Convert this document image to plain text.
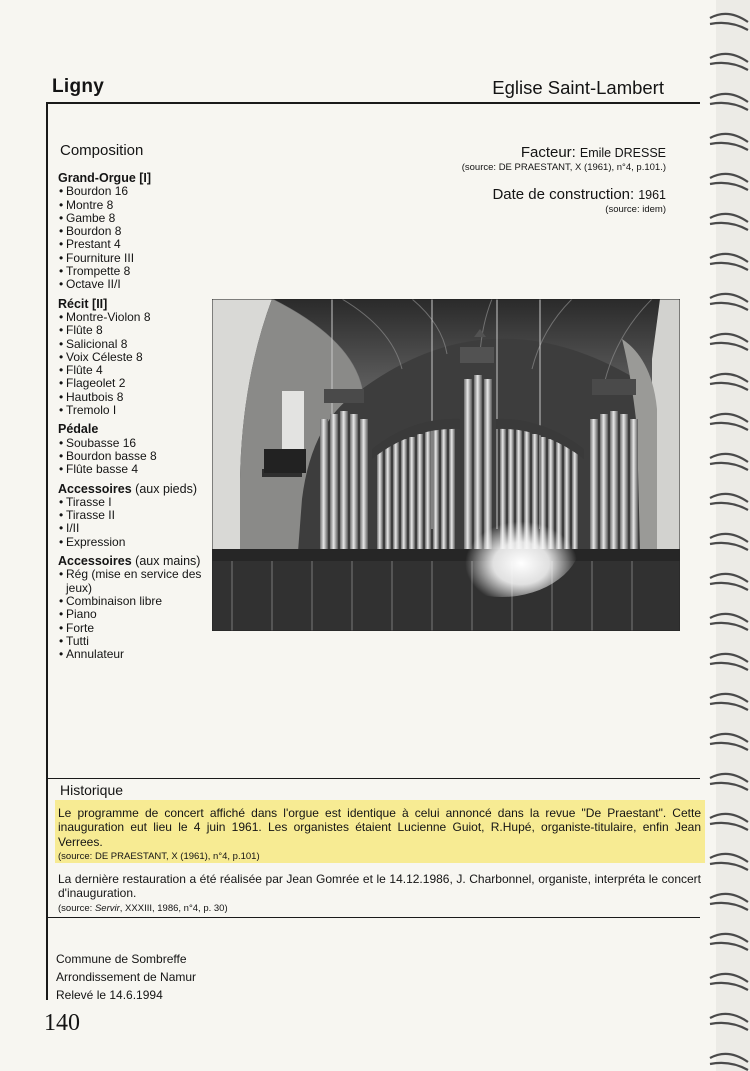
Ligny	Eglise Saint-Lambert
Composition	Facteur: Emile DRESSE
(source: DE PRAESTANT, X (1961), n°4, p.101.)
Date de construction: 1961
(source: idem)
Grand-Orgue [I]
• Bourdon 16
• Montre 8
• Gambe 8
• Bourdon 8
• Prestant 4
• Fourniture III
• Trompette 8
• Octave II/I
Récit [II]
• Montre-Violon 8
• Flûte 8
• Salicional 8
• Voix Céleste 8
• Flûte 4
• Flageolet 2
• Hautbois 8
• Tremolo I
Pédale
• Soubasse 16
• Bourdon basse 8
• Flûte basse 4
Accessoires (aux pieds)
• Tirasse I
• Tirasse II
• I/II
• Expression
Accessoires (aux mains)
• Rég (mise en service des jeux)
• Combinaison libre
• Piano
• Forte
• Tutti
• Annulateur
Historique

Le programme de concert affiché dans l'orgue est identique à celui annoncé dans la revue "De Praestant". Cette inauguration eut lieu le 4 juin 1961. Les organistes étaient Lucienne Guiot, R.Hupé, organiste-titulaire, enfin Jean Verrees.

(source: DE PRAESTANT, X (1961), n°4, p.101)

La dernière restauration a été réalisée par Jean Gomrée et le 14.12.1986, J. Charbonnel, organiste, interpréta le concert d'inauguration.

(source: Servir, XXXIII, 1986, n°4, p. 30)

Commune de Sombreffe
Arrondissement de Namur
Relevé le 14.6.1994
140
